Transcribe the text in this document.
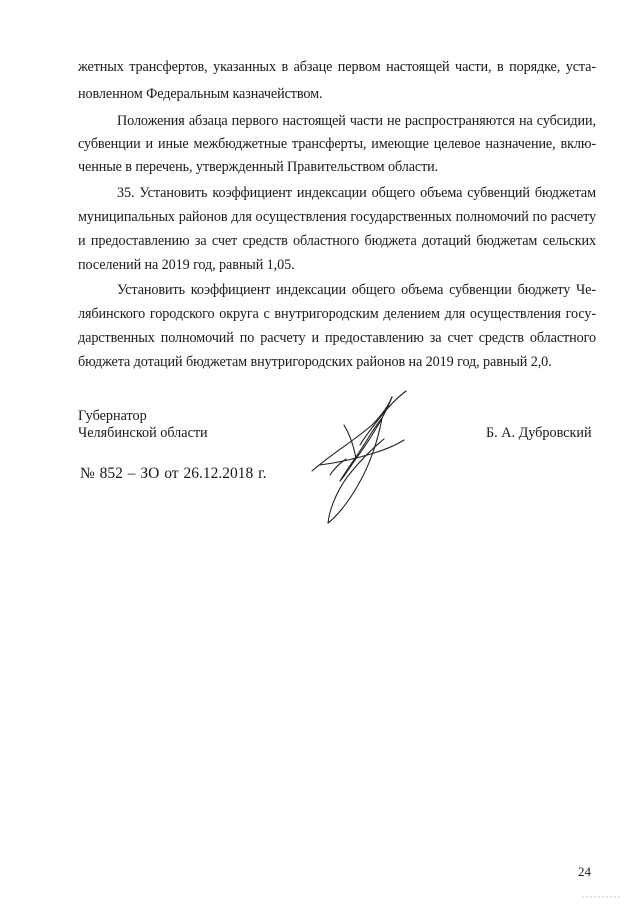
жетных трансфертов, указанных в абзаце первом настоящей части, в порядке, уста-
новленном Федеральным казначейством.
Положения абзаца первого настоящей части не распространяются на субсидии,
субвенции и иные межбюджетные трансферты, имеющие целевое назначение, вклю-
ченные в перечень, утвержденный Правительством области.
35. Установить коэффициент индексации общего объема субвенций бюджетам
муниципальных районов для осуществления государственных полномочий по расчету
и предоставлению за счет средств областного бюджета дотаций бюджетам сельских
поселений на 2019 год, равный 1,05.
Установить коэффициент индексации общего объема субвенции бюджету Че-
лябинского городского округа с внутригородским делением для осуществления госу-
дарственных полномочий по расчету и предоставлению за счет средств областного
бюджета дотаций бюджетам внутригородских районов на 2019 год, равный 2,0.
Губернатор
Челябинской области	Б. А. Дубровский
№ 852 – ЗО от 26.12.2018 г.
24
